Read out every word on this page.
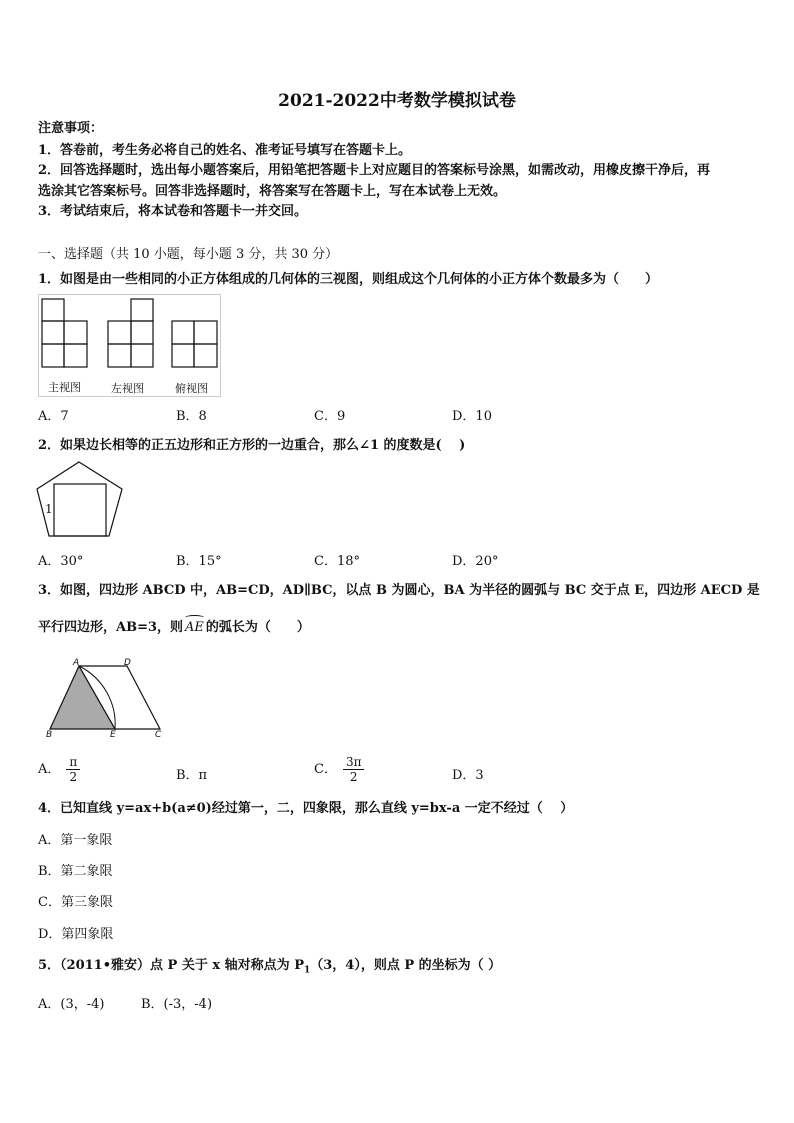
2021-2022中考数学模拟试卷
注意事项：
1．答卷前，考生务必将自己的姓名、准考证号填写在答题卡上。
2．回答选择题时，选出每小题答案后，用铅笔把答题卡上对应题目的答案标号涂黑，如需改动，用橡皮擦干净后，再
选涂其它答案标号。回答非选择题时，将答案写在答题卡上，写在本试卷上无效。
3．考试结束后，将本试卷和答题卡一并交回。
一、选择题（共 10 小题，每小题 3 分，共 30 分）
1．如图是由一些相同的小正方体组成的几何体的三视图，则组成这个几何体的小正方体个数最多为（　　）
主视图	左视图	俯视图
A．7	B．8	C．9	D．10
2．如果边长相等的正五边形和正方形的一边重合，那么∠1 的度数是(　 )
1
A．30°	B．15°	C．18°	D．20°
3．如图，四边形 ABCD 中，AB=CD，AD∥BC，以点 B 为圆心，BA 为半径的圆弧与 BC 交于点 E，四边形 AECD 是
平行四边形，AB=3，则 AE 的弧长为（　　）
A	D
B	E	C
A． $\frac{\pi}{2}$	B．π	C． $\frac{3\pi}{2}$	D．3
4．已知直线 y=ax+b(a≠0)经过第一，二，四象限，那么直线 y=bx-a 一定不经过（　 ）
A．第一象限
B．第二象限
C．第三象限
D．第四象限
5．（2011•雅安）点 P 关于 x 轴对称点为 $P_1(3$，4），则点 P 的坐标为（ ）
A．(3，-4)	B．(-3，-4)
